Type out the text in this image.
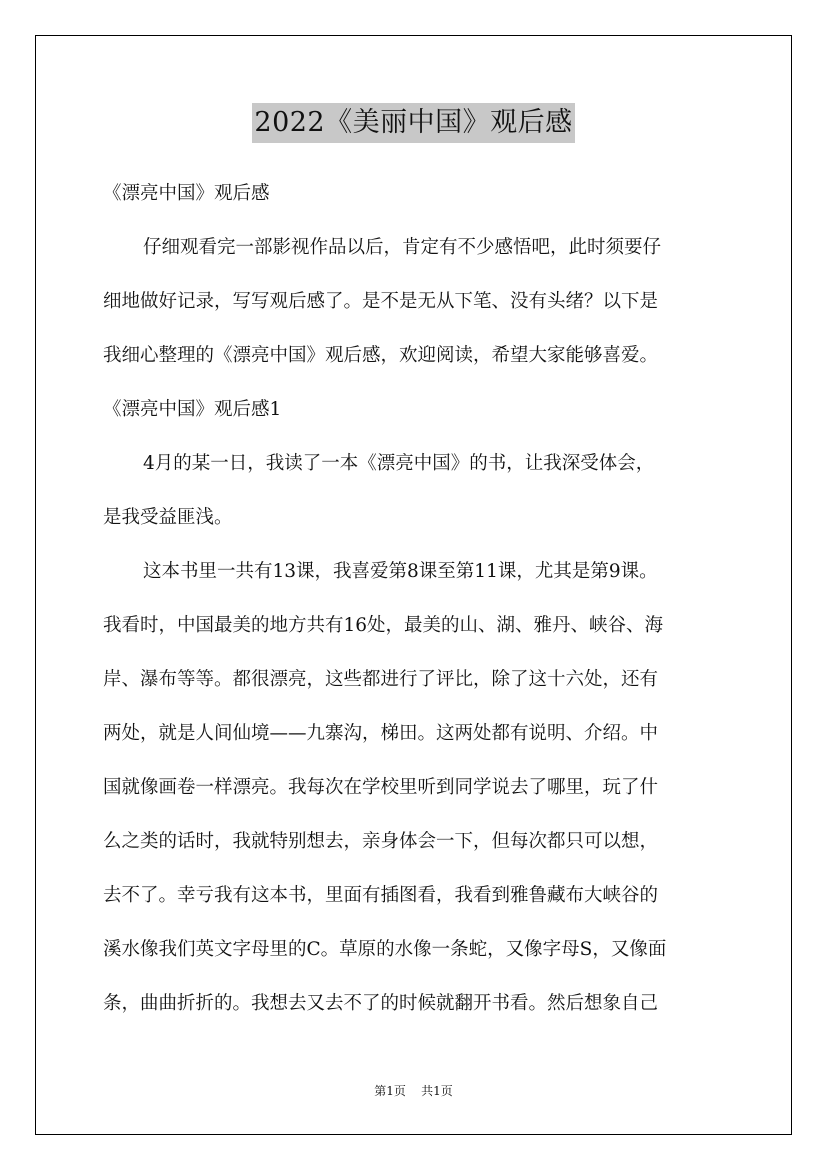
2022《美丽中国》观后感
《漂亮中国》观后感
仔细观看完一部影视作品以后，肯定有不少感悟吧，此时须要仔
细地做好记录，写写观后感了。是不是无从下笔、没有头绪？以下是
我细心整理的《漂亮中国》观后感，欢迎阅读，希望大家能够喜爱。
《漂亮中国》观后感1
4月的某一日，我读了一本《漂亮中国》的书，让我深受体会，
是我受益匪浅。
这本书里一共有13课，我喜爱第8课至第11课，尤其是第9课。
我看时，中国最美的地方共有16处，最美的山、湖、雅丹、峡谷、海
岸、瀑布等等。都很漂亮，这些都进行了评比，除了这十六处，还有
两处，就是人间仙境——九寨沟，梯田。这两处都有说明、介绍。中
国就像画卷一样漂亮。我每次在学校里听到同学说去了哪里，玩了什
么之类的话时，我就特别想去，亲身体会一下，但每次都只可以想，
去不了。幸亏我有这本书，里面有插图看，我看到雅鲁藏布大峡谷的
溪水像我们英文字母里的C。草原的水像一条蛇，又像字母S，又像面
条，曲曲折折的。我想去又去不了的时候就翻开书看。然后想象自己
第1页 共1页
